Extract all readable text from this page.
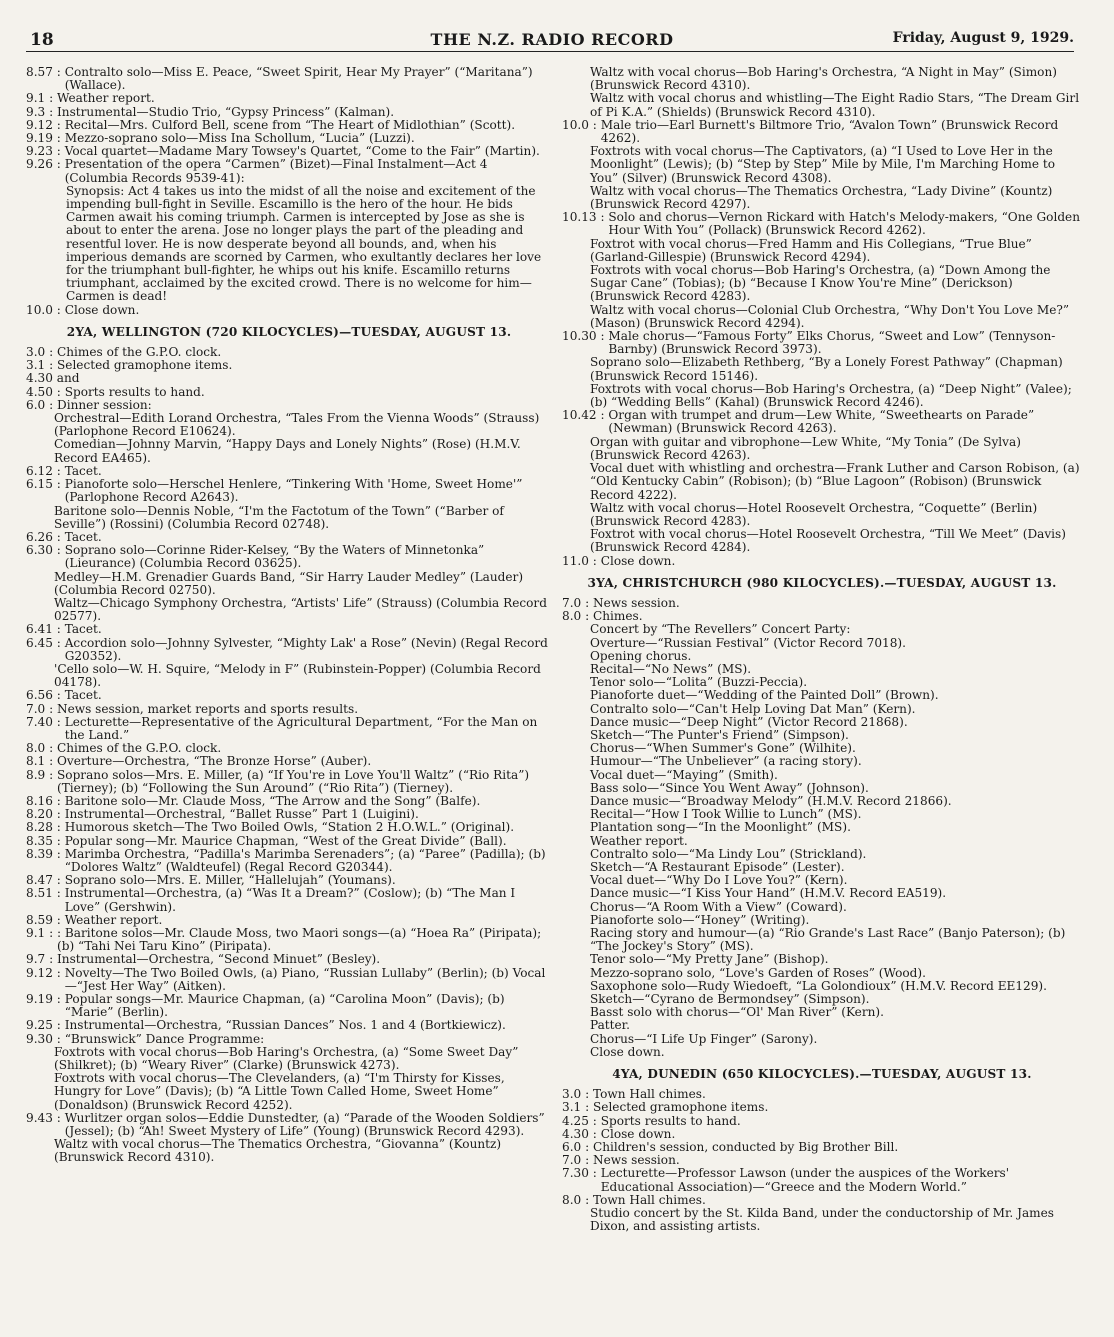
18	THE N.Z. RADIO RECORD	Friday, August 9, 1929.
8.57 : Contralto solo—Miss E. Peace, “Sweet Spirit, Hear My Prayer” (“Maritana”) (Wallace).
9.1 : Weather report.
9.3 : Instrumental—Studio Trio, “Gypsy Princess” (Kalman).
9.12 : Recital—Mrs. Culford Bell, scene from “The Heart of Midlothian” (Scott).
9.19 : Mezzo-soprano solo—Miss Ina Schollum, “Lucia” (Luzzi).
9.23 : Vocal quartet—Madame Mary Towsey's Quartet, “Come to the Fair” (Martin).
9.26 : Presentation of the opera “Carmen” (Bizet)—Final Instalment—Act 4 (Columbia Records 9539-41):
Synopsis: Act 4 takes us into the midst of all the noise and excitement of the impending bull-fight in Seville. Escamillo is the hero of the hour. He bids Carmen await his coming triumph. Carmen is intercepted by Jose as she is about to enter the arena. Jose no longer plays the part of the pleading and resentful lover. He is now desperate beyond all bounds, and, when his imperious demands are scorned by Carmen, who exultantly declares her love for the triumphant bull-fighter, he whips out his knife. Escamillo returns triumphant, acclaimed by the excited crowd. There is no welcome for him—Carmen is dead!
10.0 : Close down.
2YA, WELLINGTON (720 KILOCYCLES)—TUESDAY, AUGUST 13.
3.0 : Chimes of the G.P.O. clock.
3.1 : Selected gramophone items.
4.30 and
4.50 : Sports results to hand.
6.0 : Dinner session:
Orchestral—Edith Lorand Orchestra, “Tales From the Vienna Woods” (Strauss) (Parlophone Record E10624).
Comedian—Johnny Marvin, “Happy Days and Lonely Nights” (Rose) (H.M.V. Record EA465).
6.12 : Tacet.
6.15 : Pianoforte solo—Herschel Henlere, “Tinkering With 'Home, Sweet Home'” (Parlophone Record A2643).
Baritone solo—Dennis Noble, “I'm the Factotum of the Town” (“Barber of Seville”) (Rossini) (Columbia Record 02748).
6.26 : Tacet.
6.30 : Soprano solo—Corinne Rider-Kelsey, “By the Waters of Minnetonka” (Lieurance) (Columbia Record 03625).
Medley—H.M. Grenadier Guards Band, “Sir Harry Lauder Medley” (Lauder) (Columbia Record 02750).
Waltz—Chicago Symphony Orchestra, “Artists' Life” (Strauss) (Columbia Record 02577).
6.41 : Tacet.
6.45 : Accordion solo—Johnny Sylvester, “Mighty Lak' a Rose” (Nevin) (Regal Record G20352).
'Cello solo—W. H. Squire, “Melody in F” (Rubinstein-Popper) (Columbia Record 04178).
6.56 : Tacet.
7.0 : News session, market reports and sports results.
7.40 : Lecturette—Representative of the Agricultural Department, “For the Man on the Land.”
8.0 : Chimes of the G.P.O. clock.
8.1 : Overture—Orchestra, “The Bronze Horse” (Auber).
8.9 : Soprano solos—Mrs. E. Miller, (a) “If You're in Love You'll Waltz” (“Rio Rita”) (Tierney); (b) “Following the Sun Around” (“Rio Rita”) (Tierney).
8.16 : Baritone solo—Mr. Claude Moss, “The Arrow and the Song” (Balfe).
8.20 : Instrumental—Orchestral, “Ballet Russe” Part 1 (Luigini).
8.28 : Humorous sketch—The Two Boiled Owls, “Station 2 H.O.W.L.” (Original).
8.35 : Popular song—Mr. Maurice Chapman, “West of the Great Divide” (Ball).
8.39 : Marimba Orchestra, “Padilla's Marimba Serenaders”; (a) “Paree” (Padilla); (b) “Dolores Waltz” (Waldteufel) (Regal Record G20344).
8.47 : Soprano solo—Mrs. E. Miller, “Hallelujah” (Youmans).
8.51 : Instrumental—Orchestra, (a) “Was It a Dream?” (Coslow); (b) “The Man I Love” (Gershwin).
8.59 : Weather report.
9.1 : : Baritone solos—Mr. Claude Moss, two Maori songs—(a) “Hoea Ra” (Piripata); (b) “Tahi Nei Taru Kino” (Piripata).
9.7 : Instrumental—Orchestra, “Second Minuet” (Besley).
9.12 : Novelty—The Two Boiled Owls, (a) Piano, “Russian Lullaby” (Berlin); (b) Vocal—“Jest Her Way” (Aitken).
9.19 : Popular songs—Mr. Maurice Chapman, (a) “Carolina Moon” (Davis); (b) “Marie” (Berlin).
9.25 : Instrumental—Orchestra, “Russian Dances” Nos. 1 and 4 (Bortkiewicz).
9.30 : “Brunswick” Dance Programme:
Foxtrots with vocal chorus—Bob Haring's Orchestra, (a) “Some Sweet Day” (Shilkret); (b) “Weary River” (Clarke) (Brunswick 4273).
Foxtrots with vocal chorus—The Clevelanders, (a) “I'm Thirsty for Kisses, Hungry for Love” (Davis); (b) “A Little Town Called Home, Sweet Home” (Donaldson) (Brunswick Record 4252).
9.43 : Wurlitzer organ solos—Eddie Dunstedter, (a) “Parade of the Wooden Soldiers” (Jessel); (b) “Ah! Sweet Mystery of Life” (Young) (Brunswick Record 4293).
Waltz with vocal chorus—The Thematics Orchestra, “Giovanna” (Kountz) (Brunswick Record 4310).
Waltz with vocal chorus—Bob Haring's Orchestra, “A Night in May” (Simon) (Brunswick Record 4310).
Waltz with vocal chorus and whistling—The Eight Radio Stars, “The Dream Girl of Pi K.A.” (Shields) (Brunswick Record 4310).
10.0 : Male trio—Earl Burnett's Biltmore Trio, “Avalon Town” (Brunswick Record 4262).
Foxtrots with vocal chorus—The Captivators, (a) “I Used to Love Her in the Moonlight” (Lewis); (b) “Step by Step” Mile by Mile, I'm Marching Home to You” (Silver) (Brunswick Record 4308).
Waltz with vocal chorus—The Thematics Orchestra, “Lady Divine” (Kountz) (Brunswick Record 4297).
10.13 : Solo and chorus—Vernon Rickard with Hatch's Melody-makers, “One Golden Hour With You” (Pollack) (Brunswick Record 4262).
Foxtrot with vocal chorus—Fred Hamm and His Collegians, “True Blue” (Garland-Gillespie) (Brunswick Record 4294).
Foxtrots with vocal chorus—Bob Haring's Orchestra, (a) “Down Among the Sugar Cane” (Tobias); (b) “Because I Know You're Mine” (Derickson) (Brunswick Record 4283).
Waltz with vocal chorus—Colonial Club Orchestra, “Why Don't You Love Me?” (Mason) (Brunswick Record 4294).
10.30 : Male chorus—“Famous Forty” Elks Chorus, “Sweet and Low” (Tennyson-Barnby) (Brunswick Record 3973).
Soprano solo—Elizabeth Rethberg, “By a Lonely Forest Pathway” (Chapman) (Brunswick Record 15146).
Foxtrots with vocal chorus—Bob Haring's Orchestra, (a) “Deep Night” (Valee); (b) “Wedding Bells” (Kahal) (Brunswick Record 4246).
10.42 : Organ with trumpet and drum—Lew White, “Sweethearts on Parade” (Newman) (Brunswick Record 4263).
Organ with guitar and vibrophone—Lew White, “My Tonia” (De Sylva) (Brunswick Record 4263).
Vocal duet with whistling and orchestra—Frank Luther and Carson Robison, (a) “Old Kentucky Cabin” (Robison); (b) “Blue Lagoon” (Robison) (Brunswick Record 4222).
Waltz with vocal chorus—Hotel Roosevelt Orchestra, “Coquette” (Berlin) (Brunswick Record 4283).
Foxtrot with vocal chorus—Hotel Roosevelt Orchestra, “Till We Meet” (Davis) (Brunswick Record 4284).
11.0 : Close down.
3YA, CHRISTCHURCH (980 KILOCYCLES).—TUESDAY, AUGUST 13.
7.0 : News session.
8.0 : Chimes.
Concert by “The Revellers” Concert Party:
Overture—“Russian Festival” (Victor Record 7018).
Opening chorus.
Recital—“No News” (MS).
Tenor solo—“Lolita” (Buzzi-Peccia).
Pianoforte duet—“Wedding of the Painted Doll” (Brown).
Contralto solo—“Can't Help Loving Dat Man” (Kern).
Dance music—“Deep Night” (Victor Record 21868).
Sketch—“The Punter's Friend” (Simpson).
Chorus—“When Summer's Gone” (Wilhite).
Humour—“The Unbeliever” (a racing story).
Vocal duet—“Maying” (Smith).
Bass solo—“Since You Went Away” (Johnson).
Dance music—“Broadway Melody” (H.M.V. Record 21866).
Recital—“How I Took Willie to Lunch” (MS).
Plantation song—“In the Moonlight” (MS).
Weather report.
Contralto solo—“Ma Lindy Lou” (Strickland).
Sketch—“A Restaurant Episode” (Lester).
Vocal duet—“Why Do I Love You?” (Kern).
Dance music—“I Kiss Your Hand” (H.M.V. Record EA519).
Chorus—“A Room With a View” (Coward).
Pianoforte solo—“Honey” (Writing).
Racing story and humour—(a) “Rio Grande's Last Race” (Banjo Paterson); (b) “The Jockey's Story” (MS).
Tenor solo—“My Pretty Jane” (Bishop).
Mezzo-soprano solo, “Love's Garden of Roses” (Wood).
Saxophone solo—Rudy Wiedoeft, “La Golondioux” (H.M.V. Record EE129).
Sketch—“Cyrano de Bermondsey” (Simpson).
Basst solo with chorus—“Ol' Man River” (Kern).
Patter.
Chorus—“I Life Up Finger” (Sarony).
Close down.
4YA, DUNEDIN (650 KILOCYCLES).—TUESDAY, AUGUST 13.
3.0 : Town Hall chimes.
3.1 : Selected gramophone items.
4.25 : Sports results to hand.
4.30 : Close down.
6.0 : Children's session, conducted by Big Brother Bill.
7.0 : News session.
7.30 : Lecturette—Professor Lawson (under the auspices of the Workers' Educational Association)—“Greece and the Modern World.”
8.0 : Town Hall chimes.
Studio concert by the St. Kilda Band, under the conductorship of Mr. James Dixon, and assisting artists.
